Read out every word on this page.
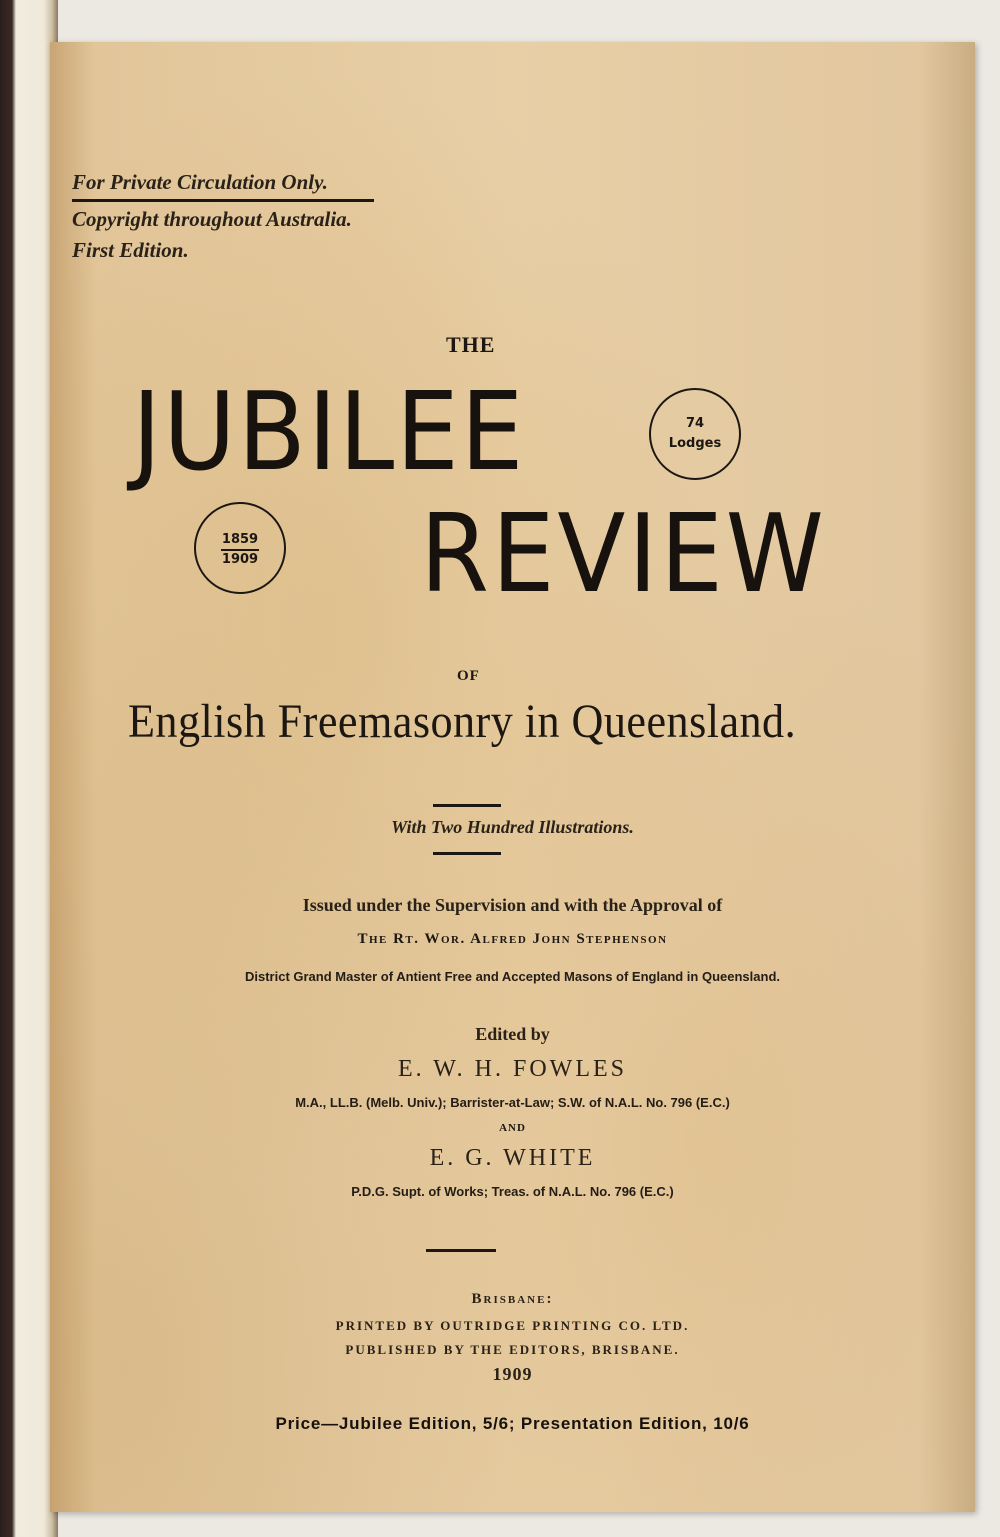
For Private Circulation Only.
Copyright throughout Australia.
First Edition.
THE
JUBILEE	74
Lodges
1859
1909 REVIEW
OF
English Freemasonry in Queensland.
With Two Hundred Illustrations.
Issued under the Supervision and with the Approval of
The Rt. Wor. Alfred John Stephenson
District Grand Master of Antient Free and Accepted Masons of England in Queensland.
Edited by
E. W. H. FOWLES
M.A., LL.B. (Melb. Univ.); Barrister-at-Law; S.W. of N.A.L. No. 796 (E.C.)
AND
E. G. WHITE
P.D.G. Supt. of Works; Treas. of N.A.L. No. 796 (E.C.)
Brisbane:
PRINTED BY OUTRIDGE PRINTING CO. LTD.
PUBLISHED BY THE EDITORS, BRISBANE.
1909
Price—Jubilee Edition, 5/6; Presentation Edition, 10/6
